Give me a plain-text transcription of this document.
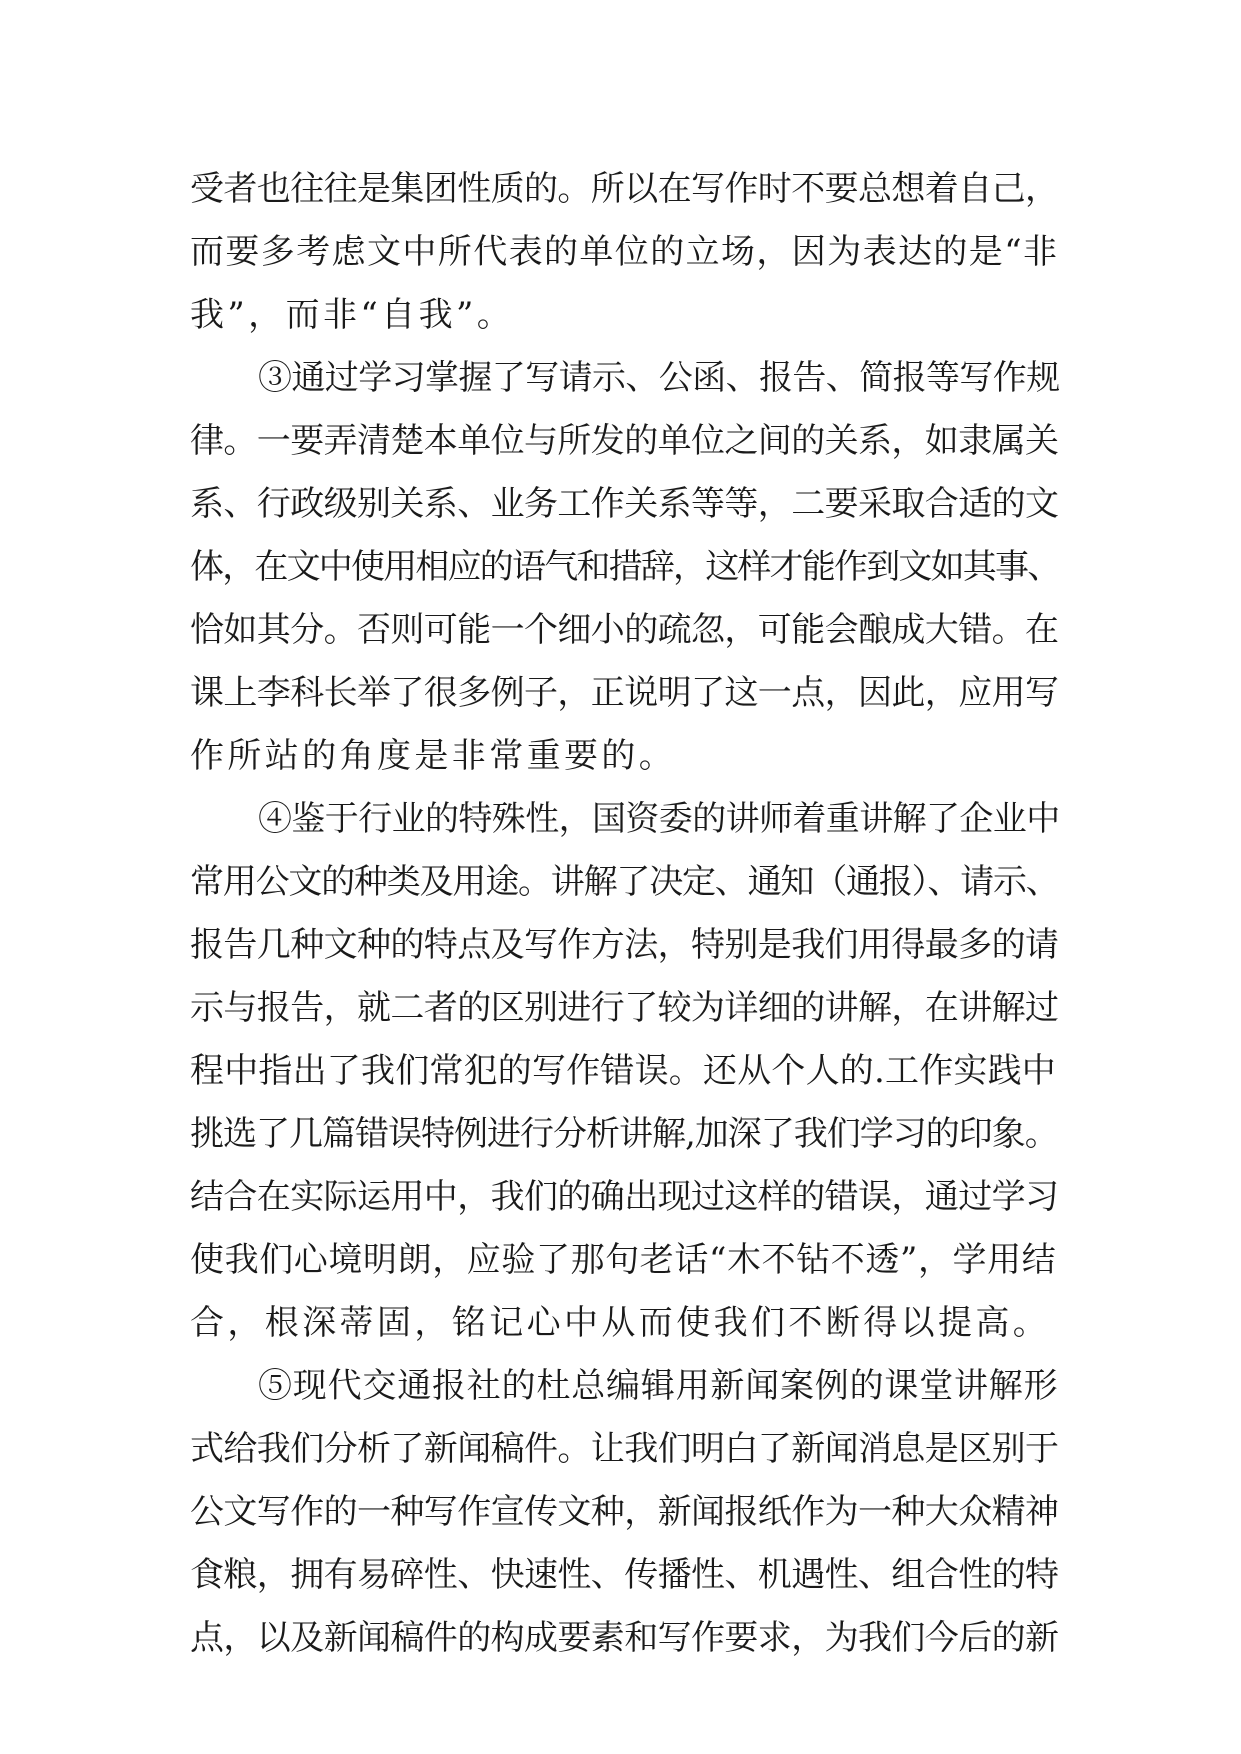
受者也往往是集团性质的。所以在写作时不要总想着自己，
而要多考虑文中所代表的单位的立场，因为表达的是“非
我”，而非“自我”。
③通过学习掌握了写请示、公函、报告、简报等写作规
律。一要弄清楚本单位与所发的单位之间的关系，如隶属关
系、行政级别关系、业务工作关系等等，二要采取合适的文
体，在文中使用相应的语气和措辞，这样才能作到文如其事、
恰如其分。否则可能一个细小的疏忽，可能会酿成大错。在
课上李科长举了很多例子，正说明了这一点，因此，应用写
作所站的角度是非常重要的。
④鉴于行业的特殊性，国资委的讲师着重讲解了企业中
常用公文的种类及用途。讲解了决定、通知（通报）、请示、
报告几种文种的特点及写作方法，特别是我们用得最多的请
示与报告，就二者的区别进行了较为详细的讲解，在讲解过
程中指出了我们常犯的写作错误。还从个人的.工作实践中
挑选了几篇错误特例进行分析讲解,加深了我们学习的印象。
结合在实际运用中，我们的确出现过这样的错误，通过学习
使我们心境明朗，应验了那句老话“木不钻不透”，学用结
合，根深蒂固，铭记心中从而使我们不断得以提高。
⑤现代交通报社的杜总编辑用新闻案例的课堂讲解形
式给我们分析了新闻稿件。让我们明白了新闻消息是区别于
公文写作的一种写作宣传文种，新闻报纸作为一种大众精神
食粮，拥有易碎性、快速性、传播性、机遇性、组合性的特
点，以及新闻稿件的构成要素和写作要求，为我们今后的新
